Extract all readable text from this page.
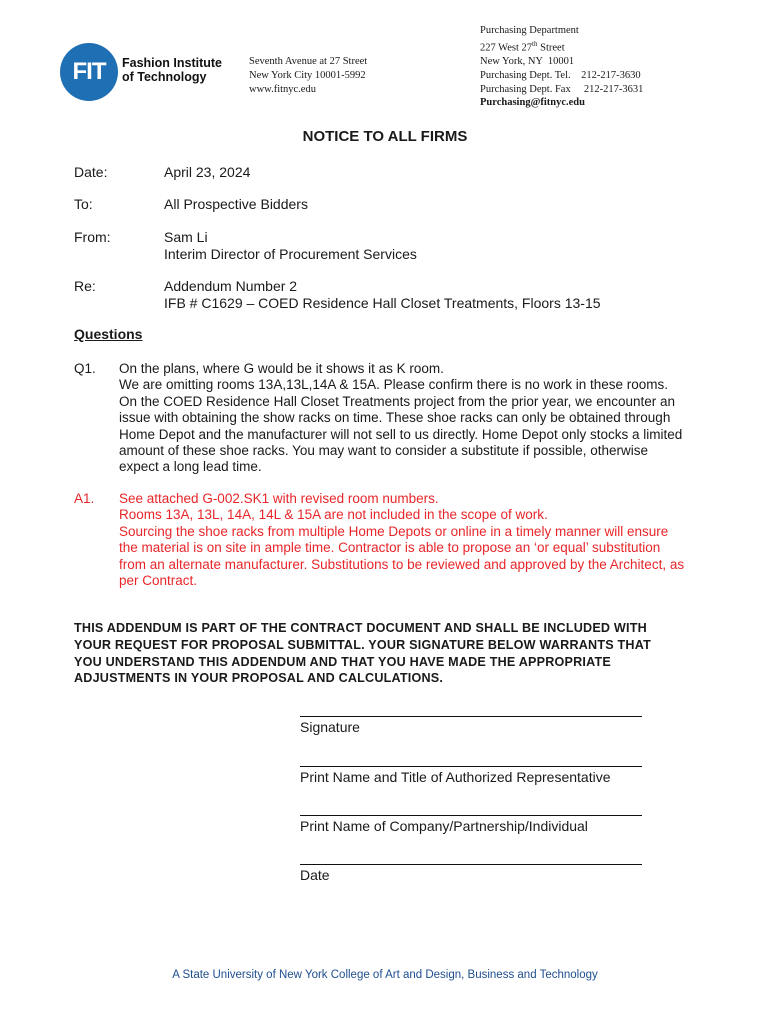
FIT	Fashion Institute
of Technology
Seventh Avenue at 27 Street
New York City 10001-5992
www.fitnyc.edu
Purchasing Department
227 West 27th Street
New York, NY  10001
Purchasing Dept. Tel.    212-217-3630
Purchasing Dept. Fax     212-217-3631
Purchasing@fitnyc.edu
NOTICE TO ALL FIRMS
Date:	April 23, 2024
To:	All Prospective Bidders
From:	Sam Li
Interim Director of Procurement Services
Re:	Addendum Number 2
IFB # C1629 – COED Residence Hall Closet Treatments, Floors 13-15
Questions
Q1. On the plans, where G would be it shows it as K room.
We are omitting rooms 13A,13L,14A & 15A. Please confirm there is no work in these rooms.
On the COED Residence Hall Closet Treatments project from the prior year, we encounter an
issue with obtaining the show racks on time. These shoe racks can only be obtained through
Home Depot and the manufacturer will not sell to us directly. Home Depot only stocks a limited
amount of these shoe racks. You may want to consider a substitute if possible, otherwise
expect a long lead time.
A1. See attached G-002.SK1 with revised room numbers.
Rooms 13A, 13L, 14A, 14L & 15A are not included in the scope of work.
Sourcing the shoe racks from multiple Home Depots or online in a timely manner will ensure
the material is on site in ample time. Contractor is able to propose an ‘or equal’ substitution
from an alternate manufacturer. Substitutions to be reviewed and approved by the Architect, as
per Contract.
THIS ADDENDUM IS PART OF THE CONTRACT DOCUMENT AND SHALL BE INCLUDED WITH
YOUR REQUEST FOR PROPOSAL SUBMITTAL. YOUR SIGNATURE BELOW WARRANTS THAT
YOU UNDERSTAND THIS ADDENDUM AND THAT YOU HAVE MADE THE APPROPRIATE
ADJUSTMENTS IN YOUR PROPOSAL AND CALCULATIONS.
Signature
Print Name and Title of Authorized Representative
Print Name of Company/Partnership/Individual
Date
A State University of New York College of Art and Design, Business and Technology
